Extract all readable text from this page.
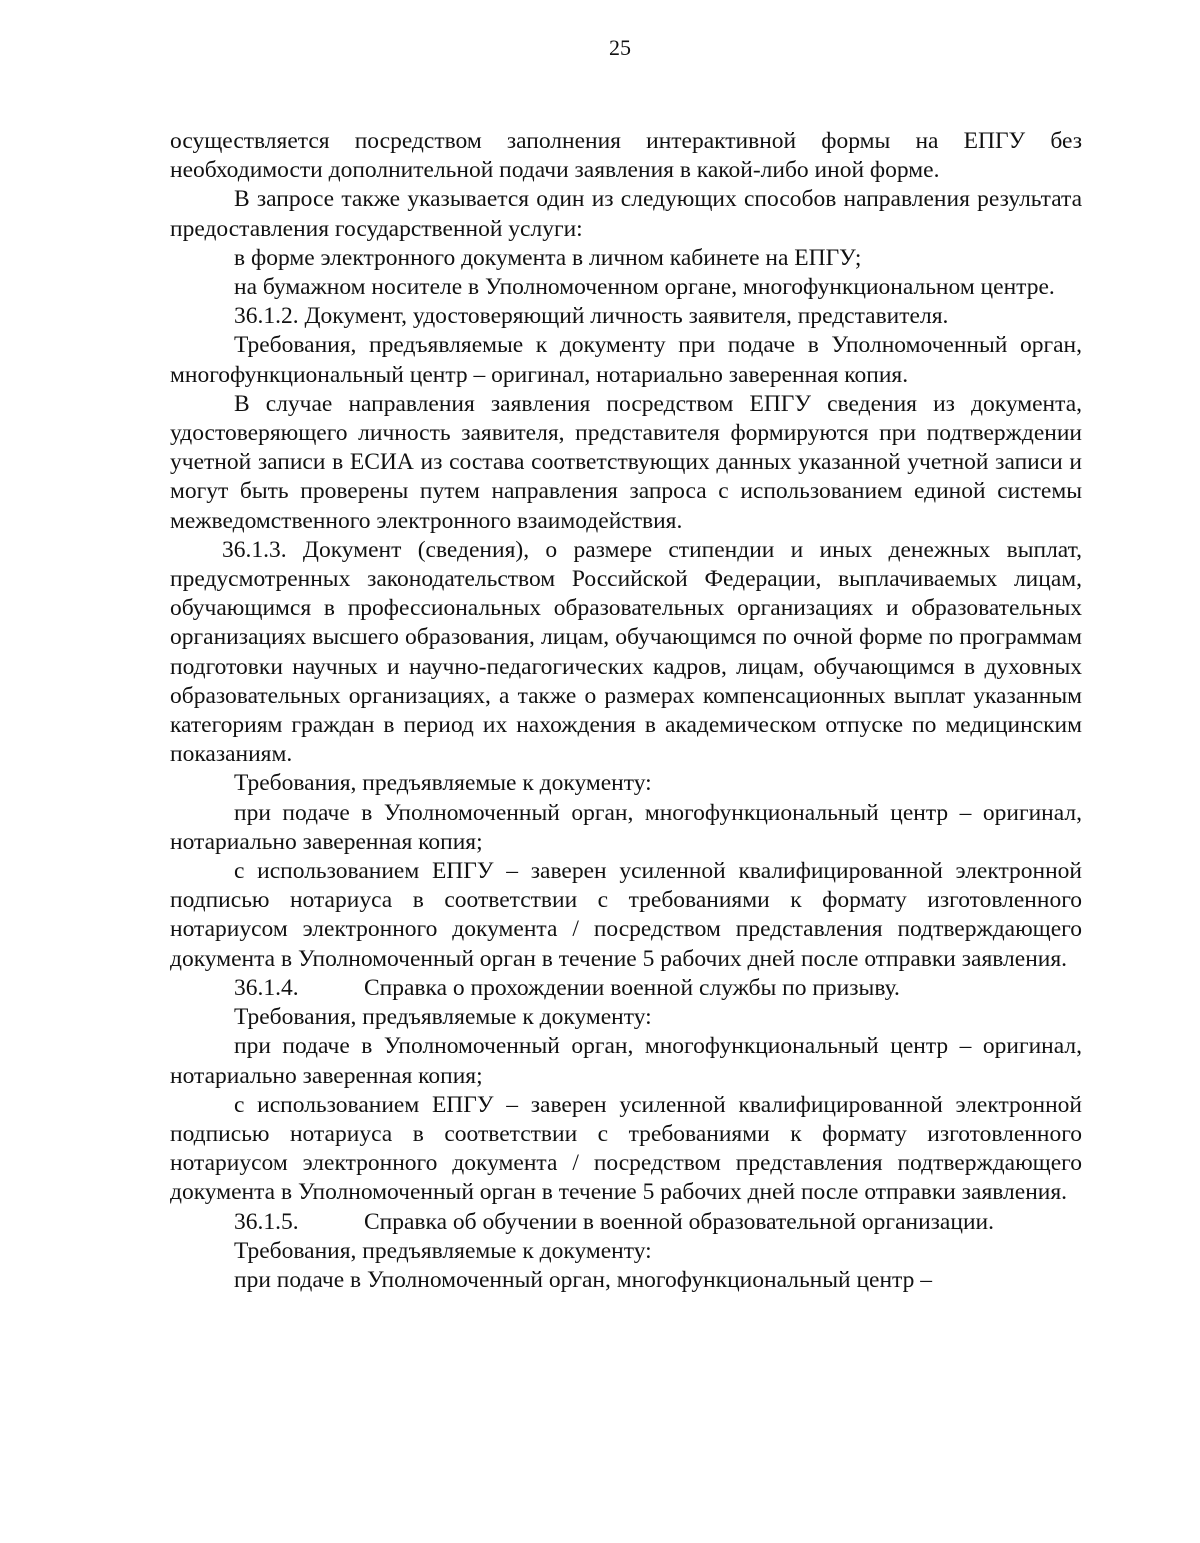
25

осуществляется посредством заполнения интерактивной формы на ЕПГУ без необходимости дополнительной подачи заявления в какой-либо иной форме.

В запросе также указывается один из следующих способов направления результата предоставления государственной услуги:

в форме электронного документа в личном кабинете на ЕПГУ;

на бумажном носителе в Уполномоченном органе, многофункциональном центре.

36.1.2. Документ, удостоверяющий личность заявителя, представителя.

Требования, предъявляемые к документу при подаче в Уполномоченный орган, многофункциональный центр – оригинал, нотариально заверенная копия.

В случае направления заявления посредством ЕПГУ сведения из документа, удостоверяющего личность заявителя, представителя формируются при подтверждении учетной записи в ЕСИА из состава соответствующих данных указанной учетной записи и могут быть проверены путем направления запроса с использованием единой системы межведомственного электронного взаимодействия.

36.1.3. Документ (сведения), о размере стипендии и иных денежных выплат, предусмотренных законодательством Российской Федерации, выплачиваемых лицам, обучающимся в профессиональных образовательных организациях и образовательных организациях высшего образования, лицам, обучающимся по очной форме по программам подготовки научных и научно-педагогических кадров, лицам, обучающимся в духовных образовательных организациях, а также о размерах компенсационных выплат указанным категориям граждан в период их нахождения в академическом отпуске по медицинским показаниям.

Требования, предъявляемые к документу:

при подаче в Уполномоченный орган, многофункциональный центр – оригинал, нотариально заверенная копия;

с использованием ЕПГУ – заверен усиленной квалифицированной электронной подписью нотариуса в соответствии с требованиями к формату изготовленного нотариусом электронного документа / посредством представления подтверждающего документа в Уполномоченный орган в течение 5 рабочих дней после отправки заявления.

36.1.4.	Справка о прохождении военной службы по призыву.

Требования, предъявляемые к документу:

при подаче в Уполномоченный орган, многофункциональный центр – оригинал, нотариально заверенная копия;

с использованием ЕПГУ – заверен усиленной квалифицированной электронной подписью нотариуса в соответствии с требованиями к формату изготовленного нотариусом электронного документа / посредством представления подтверждающего документа в Уполномоченный орган в течение 5 рабочих дней после отправки заявления.

36.1.5.	Справка об обучении в военной образовательной организации.

Требования, предъявляемые к документу:

при подаче в Уполномоченный орган, многофункциональный центр –
